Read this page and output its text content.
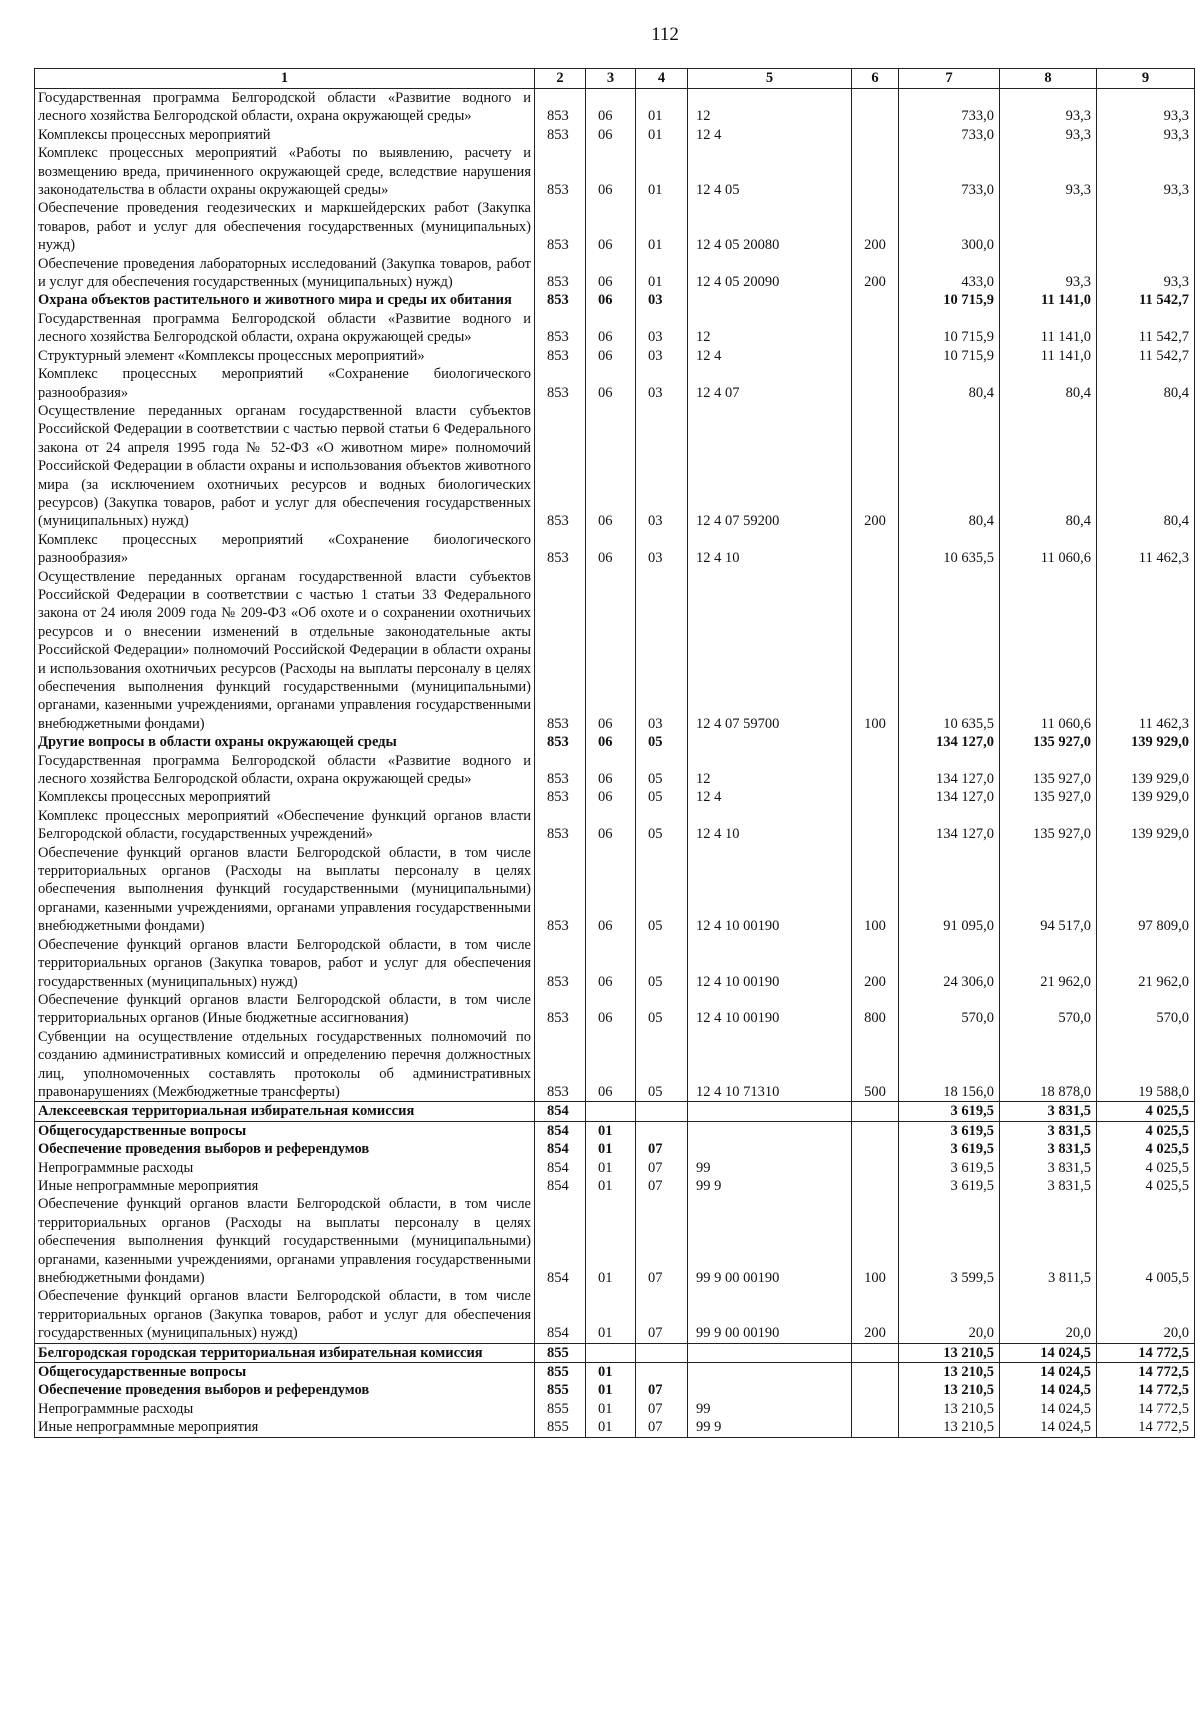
112
1	2	3	4	5	6	7	8	9
Государственная программа Белгородской области «Развитие водного и лесного хозяйства Белгородской области, охрана окружающей среды»	853	06	01	12		733,0	93,3	93,3
Комплексы процессных мероприятий	853	06	01	12 4		733,0	93,3	93,3
Комплекс процессных мероприятий «Работы по выявлению, расчету и возмещению вреда, причиненного окружающей среде, вследствие нарушения законодательства в области охраны окружающей среды»	853	06	01	12 4 05		733,0	93,3	93,3
Обеспечение проведения геодезических и маркшейдерских работ (Закупка товаров, работ и услуг для обеспечения государственных (муниципальных) нужд)	853	06	01	12 4 05 20080	200	300,0		
Обеспечение проведения лабораторных исследований (Закупка товаров, работ и услуг для обеспечения государственных (муниципальных) нужд)	853	06	01	12 4 05 20090	200	433,0	93,3	93,3
Охрана объектов растительного и животного мира и среды их обитания	853	06	03			10 715,9	11 141,0	11 542,7
Государственная программа Белгородской области «Развитие водного и лесного хозяйства Белгородской области, охрана окружающей среды»	853	06	03	12		10 715,9	11 141,0	11 542,7
Структурный элемент «Комплексы процессных мероприятий»	853	06	03	12 4		10 715,9	11 141,0	11 542,7
Комплекс процессных мероприятий «Сохранение биологического разнообразия»	853	06	03	12 4 07		80,4	80,4	80,4
Осуществление переданных органам государственной власти субъектов Российской Федерации в соответствии с частью первой статьи 6 Федерального закона от 24 апреля 1995 года № 52-ФЗ «О животном мире» полномочий Российской Федерации в области охраны и использования объектов животного мира (за исключением охотничьих ресурсов и водных биологических ресурсов) (Закупка товаров, работ и услуг для обеспечения государственных (муниципальных) нужд)	853	06	03	12 4 07 59200	200	80,4	80,4	80,4
Комплекс процессных мероприятий «Сохранение биологического разнообразия»	853	06	03	12 4 10		10 635,5	11 060,6	11 462,3
Осуществление переданных органам государственной власти субъектов Российской Федерации в соответствии с частью 1 статьи 33 Федерального закона от 24 июля 2009 года № 209-ФЗ «Об охоте и о сохранении охотничьих ресурсов и о внесении изменений в отдельные законодательные акты Российской Федерации» полномочий Российской Федерации в области охраны и использования охотничьих ресурсов (Расходы на выплаты персоналу в целях обеспечения выполнения функций государственными (муниципальными) органами, казенными учреждениями, органами управления государственными внебюджетными фондами)	853	06	03	12 4 07 59700	100	10 635,5	11 060,6	11 462,3
Другие вопросы в области охраны окружающей среды	853	06	05			134 127,0	135 927,0	139 929,0
Государственная программа Белгородской области «Развитие водного и лесного хозяйства Белгородской области, охрана окружающей среды»	853	06	05	12		134 127,0	135 927,0	139 929,0
Комплексы процессных мероприятий	853	06	05	12 4		134 127,0	135 927,0	139 929,0
Комплекс процессных мероприятий «Обеспечение функций органов власти Белгородской области, государственных учреждений»	853	06	05	12 4 10		134 127,0	135 927,0	139 929,0
Обеспечение функций органов власти Белгородской области, в том числе территориальных органов (Расходы на выплаты персоналу в целях обеспечения выполнения функций государственными (муниципальными) органами, казенными учреждениями, органами управления государственными внебюджетными фондами)	853	06	05	12 4 10 00190	100	91 095,0	94 517,0	97 809,0
Обеспечение функций органов власти Белгородской области, в том числе территориальных органов (Закупка товаров, работ и услуг для обеспечения государственных (муниципальных) нужд)	853	06	05	12 4 10 00190	200	24 306,0	21 962,0	21 962,0
Обеспечение функций органов власти Белгородской области, в том числе территориальных органов (Иные бюджетные ассигнования)	853	06	05	12 4 10 00190	800	570,0	570,0	570,0
Субвенции на осуществление отдельных государственных полномочий по созданию административных комиссий и определению перечня должностных лиц, уполномоченных составлять протоколы об административных правонарушениях (Межбюджетные трансферты)	853	06	05	12 4 10 71310	500	18 156,0	18 878,0	19 588,0
Алексеевская территориальная избирательная комиссия	854					3 619,5	3 831,5	4 025,5
Общегосударственные вопросы	854	01				3 619,5	3 831,5	4 025,5
Обеспечение проведения выборов и референдумов	854	01	07			3 619,5	3 831,5	4 025,5
Непрограммные расходы	854	01	07	99		3 619,5	3 831,5	4 025,5
Иные непрограммные мероприятия	854	01	07	99 9		3 619,5	3 831,5	4 025,5
Обеспечение функций органов власти Белгородской области, в том числе территориальных органов (Расходы на выплаты персоналу в целях обеспечения выполнения функций государственными (муниципальными) органами, казенными учреждениями, органами управления государственными внебюджетными фондами)	854	01	07	99 9 00 00190	100	3 599,5	3 811,5	4 005,5
Обеспечение функций органов власти Белгородской области, в том числе территориальных органов (Закупка товаров, работ и услуг для обеспечения государственных (муниципальных) нужд)	854	01	07	99 9 00 00190	200	20,0	20,0	20,0
Белгородская городская территориальная избирательная комиссия	855					13 210,5	14 024,5	14 772,5
Общегосударственные вопросы	855	01				13 210,5	14 024,5	14 772,5
Обеспечение проведения выборов и референдумов	855	01	07			13 210,5	14 024,5	14 772,5
Непрограммные расходы	855	01	07	99		13 210,5	14 024,5	14 772,5
Иные непрограммные мероприятия	855	01	07	99 9		13 210,5	14 024,5	14 772,5
